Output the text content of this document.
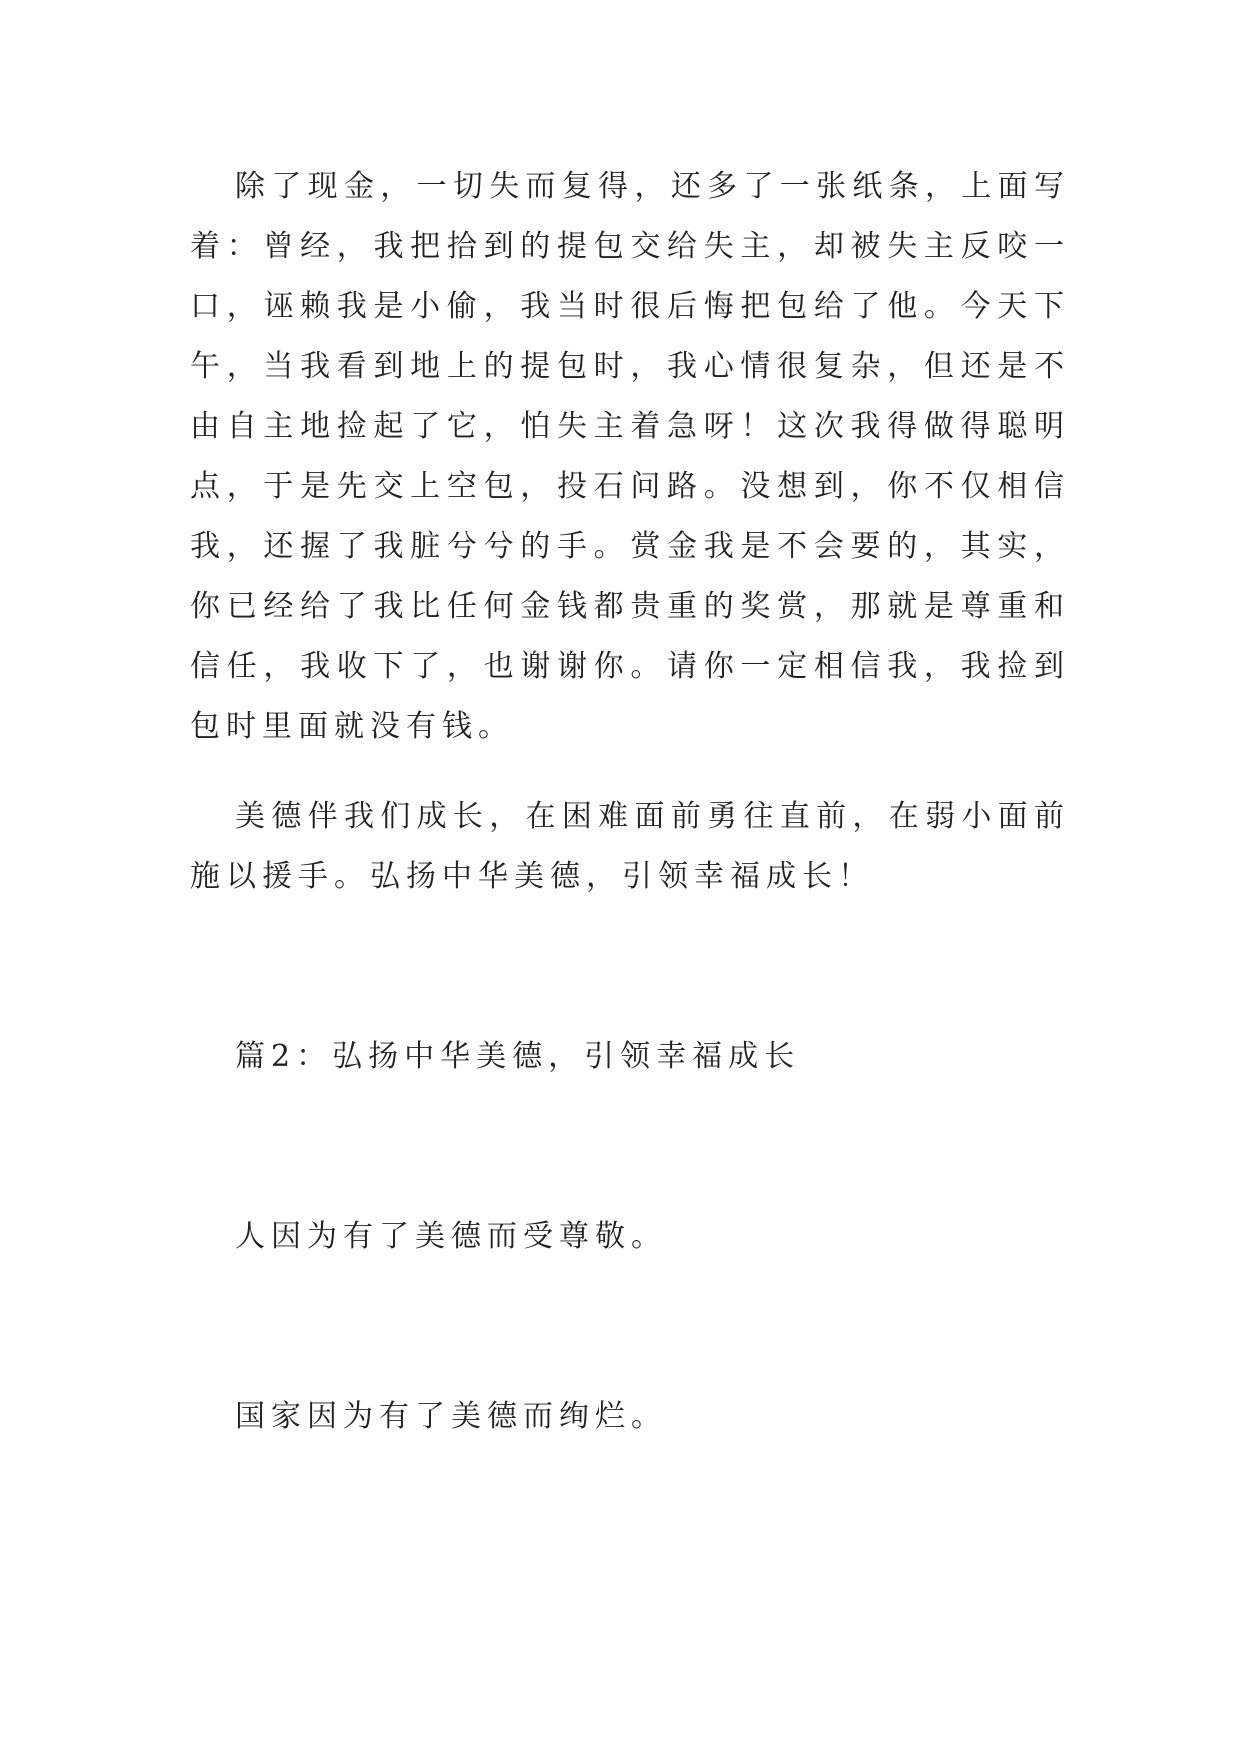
除了现金，一切失而复得，还多了一张纸条，上面写着：曾经，我把拾到的提包交给失主，却被失主反咬一口，诬赖我是小偷，我当时很后悔把包给了他。今天下午，当我看到地上的提包时，我心情很复杂，但还是不由自主地捡起了它，怕失主着急呀！这次我得做得聪明点，于是先交上空包，投石问路。没想到，你不仅相信我，还握了我脏兮兮的手。赏金我是不会要的，其实，你已经给了我比任何金钱都贵重的奖赏，那就是尊重和信任，我收下了，也谢谢你。请你一定相信我，我捡到包时里面就没有钱。

美德伴我们成长，在困难面前勇往直前，在弱小面前施以援手。弘扬中华美德，引领幸福成长！

篇2：弘扬中华美德，引领幸福成长

人因为有了美德而受尊敬。

国家因为有了美德而绚烂。
